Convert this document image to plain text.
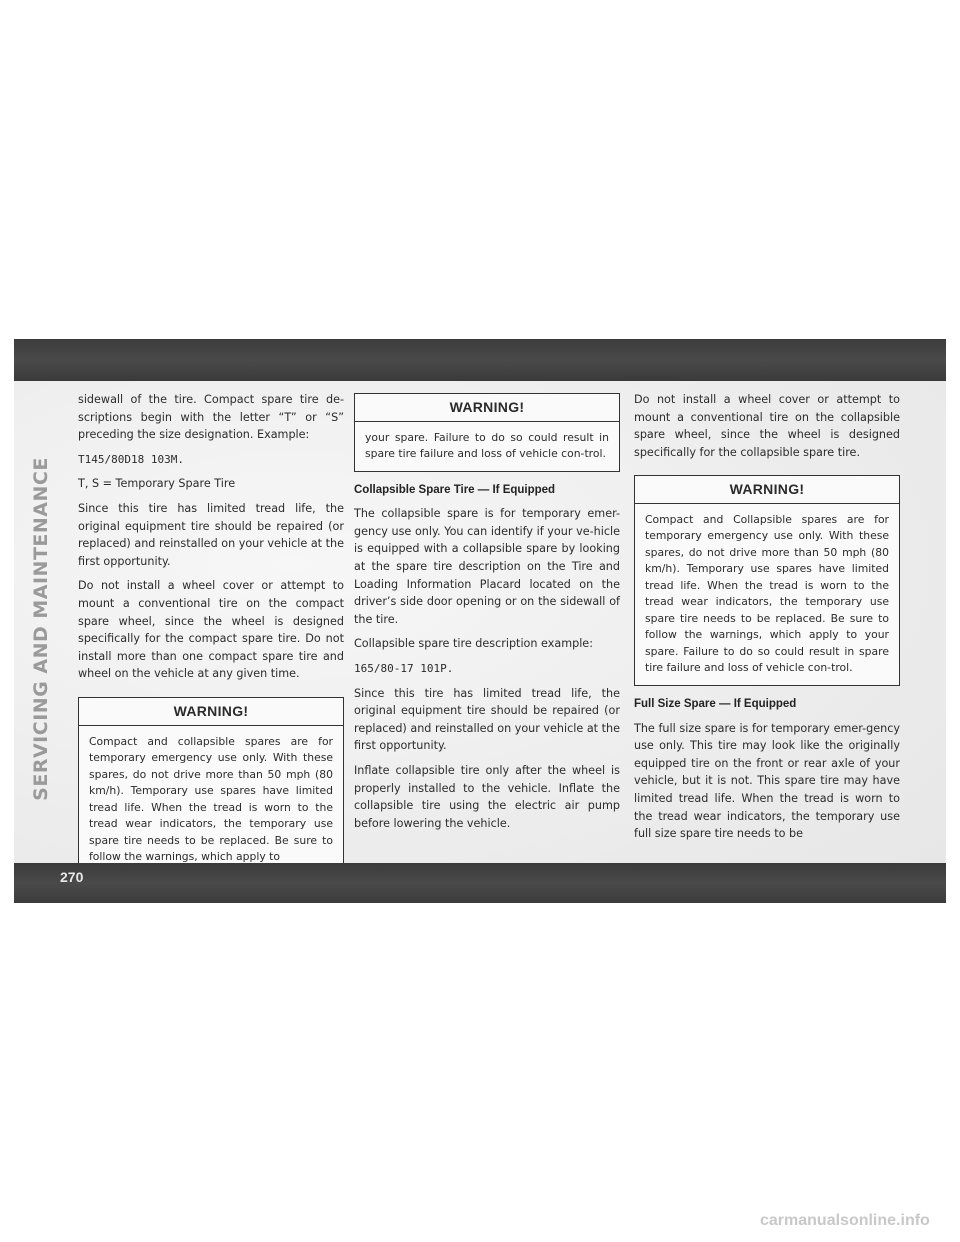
SERVICING AND MAINTENANCE

sidewall of the tire. Compact spare tire de-scriptions begin with the letter “T” or “S” preceding the size designation. Example:

T145/80D18 103M.

T, S = Temporary Spare Tire

Since this tire has limited tread life, the original equipment tire should be repaired (or replaced) and reinstalled on your vehicle at the first opportunity.

Do not install a wheel cover or attempt to mount a conventional tire on the compact spare wheel, since the wheel is designed specifically for the compact spare tire. Do not install more than one compact spare tire and wheel on the vehicle at any given time.

WARNING!
Compact and collapsible spares are for temporary emergency use only. With these spares, do not drive more than 50 mph (80 km/h). Temporary use spares have limited tread life. When the tread is worn to the tread wear indicators, the temporary use spare tire needs to be replaced. Be sure to follow the warnings, which apply to
WARNING!
your spare. Failure to do so could result in spare tire failure and loss of vehicle con-trol.
Collapsible Spare Tire — If Equipped

The collapsible spare is for temporary emer-gency use only. You can identify if your ve-hicle is equipped with a collapsible spare by looking at the spare tire description on the Tire and Loading Information Placard located on the driver’s side door opening or on the sidewall of the tire.

Collapsible spare tire description example:

165/80-17 101P.

Since this tire has limited tread life, the original equipment tire should be repaired (or replaced) and reinstalled on your vehicle at the first opportunity.

Inflate collapsible tire only after the wheel is properly installed to the vehicle. Inflate the collapsible tire using the electric air pump before lowering the vehicle.

Do not install a wheel cover or attempt to mount a conventional tire on the collapsible spare wheel, since the wheel is designed specifically for the collapsible spare tire.

WARNING!
Compact and Collapsible spares are for temporary emergency use only. With these spares, do not drive more than 50 mph (80 km/h). Temporary use spares have limited tread life. When the tread is worn to the tread wear indicators, the temporary use spare tire needs to be replaced. Be sure to follow the warnings, which apply to your spare. Failure to do so could result in spare tire failure and loss of vehicle con-trol.
Full Size Spare — If Equipped

The full size spare is for temporary emer-gency use only. This tire may look like the originally equipped tire on the front or rear axle of your vehicle, but it is not. This spare tire may have limited tread life. When the tread is worn to the tread wear indicators, the temporary use full size spare tire needs to be

270
carmanualsonline.info
